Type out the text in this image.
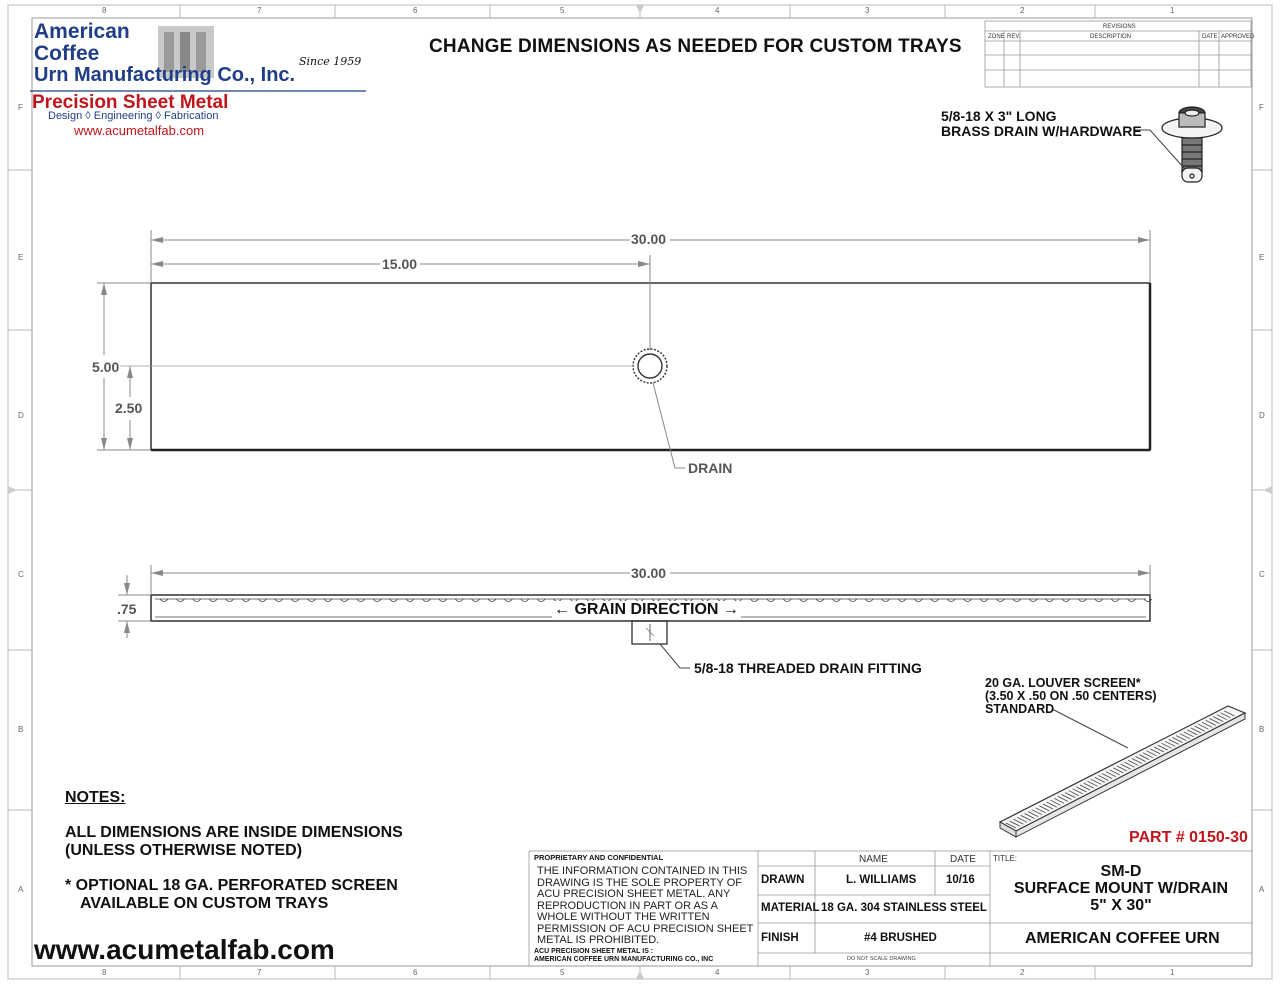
CHANGE DIMENSIONS AS NEEDED FOR CUSTOM TRAYS
American
Coffee
Urn Manufacturing Co., Inc.
Since 1959
Precision Sheet Metal
Design ◊ Engineering ◊ Fabrication
www.acumetalfab.com
8	7	6	5	4	3	2	1
8	7	6	5	4	3	2	1
F
E
D
C
B
A
F
E
D
C
B
A
REVISIONS
ZONE REV.	DESCRIPTION	DATE APPROVED
5/8-18 X 3" LONG
BRASS DRAIN W/HARDWARE
30.00
15.00
5.00
2.50
DRAIN
30.00
.75	← GRAIN DIRECTION →
5/8-18 THREADED DRAIN FITTING
20 GA. LOUVER SCREEN*
(3.50 X .50 ON .50 CENTERS)
STANDARD
PART # 0150-30
NOTES:
ALL DIMENSIONS ARE INSIDE DIMENSIONS
(UNLESS OTHERWISE NOTED)
* OPTIONAL 18 GA. PERFORATED SCREEN
AVAILABLE ON CUSTOM TRAYS
www.acumetalfab.com
PROPRIETARY AND CONFIDENTIAL
THE INFORMATION CONTAINED IN THIS DRAWING IS THE SOLE PROPERTY OF ACU PRECISION SHEET METAL. ANY REPRODUCTION IN PART OR AS A WHOLE WITHOUT THE WRITTEN PERMISSION OF ACU PRECISION SHEET METAL IS PROHIBITED.
ACU PRECISION SHEET METAL IS :
AMERICAN COFFEE URN MANUFACTURING CO., INC
NAME	DATE
DRAWN	L. WILLIAMS	10/16
MATERIAL 18 GA. 304 STAINLESS STEEL
FINISH	#4 BRUSHED
DO NOT SCALE DRAWING
TITLE:
SM-D
SURFACE MOUNT W/DRAIN
5" X 30"
AMERICAN COFFEE URN
